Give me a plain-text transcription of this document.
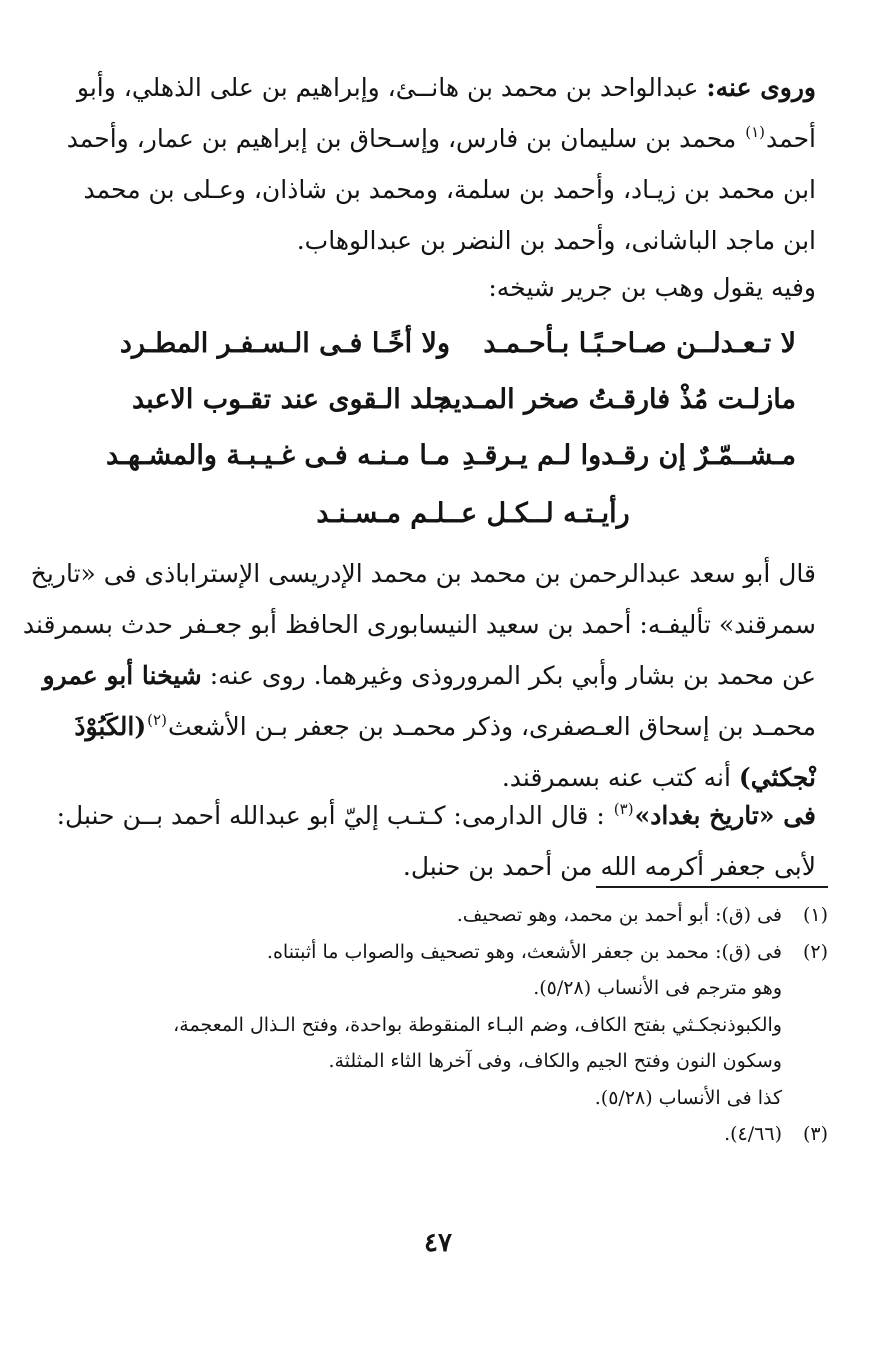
وروى عنه: عبدالواحد بن محمد بن هانــئ، وإبراهيم بن على الذهلي، وأبو
أحمد$^{(١)}$ محمد بن سليمان بن فارس، وإسـحاق بن إبراهيم بن عمار، وأحمد
ابن محمد بن زيـاد، وأحمد بن سلمة، ومحمد بن شاذان، وعـلى بن محمد
ابن ماجد الباشانى، وأحمد بن النضر بن عبدالوهاب.
وفيه يقول وهب بن جرير شيخه:
لا تـعـدلــن صـاحـبًـا بـأحـمـد
ولا أخًـا فـى الـسـفـر المطـرد
مازلـت مُذْ فارقـتُ صخر المـديد
جلد الـقوى عند تقـوب الاعبد
مـشــمّـرٌ إن رقـدوا لـم يـرقـدِ
مـا مـنـه فـى غـيـبـة والمشـهـد
رأيـتـه لــكـل عــلـم مـسـنـد
قال أبو سعد عبدالرحمن بن محمد بن محمد الإدريسى الإستراباذى فى «تاريخ
سمرقند» تأليفـه: أحمد بن سعيد النيسابورى الحافظ أبو جعـفر حدث بسمرقند
عن محمد بن بشار وأبي بكر المروروذى وغيرهما. روى عنه: شيخنا أبو عمرو
محمـد بن إسحاق العـصفرى، وذكر محمـد بن جعفر بـن الأشعث$^{(٢)}$(الكَبُوْذَ
نْجكثي) أنه كتب عنه بسمرقند.
فى «تاريخ بغداد»$^{(٣)}$ : قال الدارمى: كـتـب إليّ أبو عبدالله أحمد بــن حنبل:
لأبى جعفر أكرمه الله من أحمد بن حنبل.
(١)
فى (ق): أبو أحمد بن محمد، وهو تصحيف.
(٢)
فى (ق): محمد بن جعفر الأشعث، وهو تصحيف والصواب ما أثبتناه.
وهو مترجم فى الأنساب (٥/٢٨).
والكبوذنجكـثي بفتح الكاف، وضم البـاء المنقوطة بواحدة، وفتح الـذال المعجمة،
وسكون النون وفتح الجيم والكاف، وفى آخرها الثاء المثلثة.
كذا فى الأنساب (٥/٢٨).
(٣)
(٤/٦٦).
٤٧
